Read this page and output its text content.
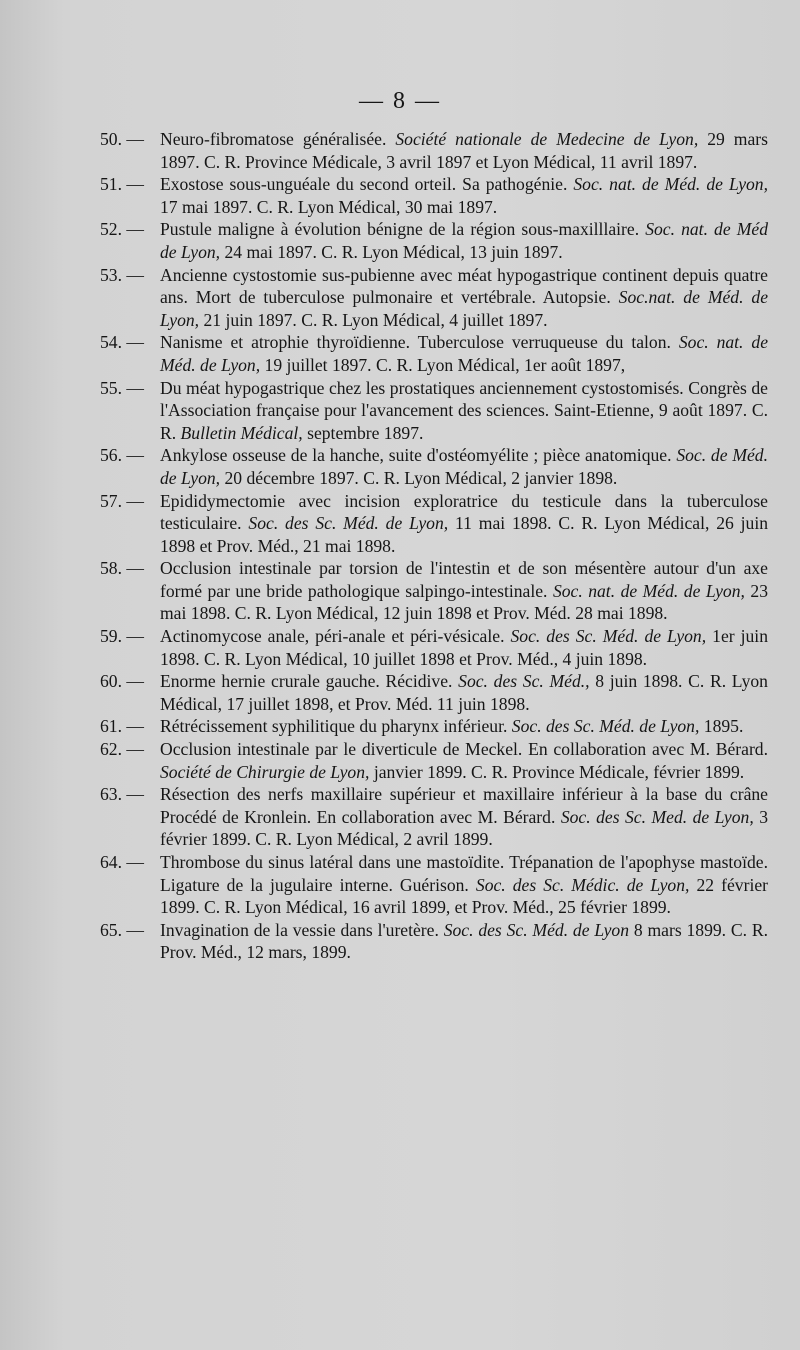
— 8 —
50. — Neuro-fibromatose généralisée. Société nationale de Medecine de Lyon, 29 mars 1897. C. R. Province Médicale, 3 avril 1897 et Lyon Médical, 11 avril 1897.
51. — Exostose sous-unguéale du second orteil. Sa pathogénie. Soc. nat. de Méd. de Lyon, 17 mai 1897. C. R. Lyon Médical, 30 mai 1897.
52. — Pustule maligne à évolution bénigne de la région sous-maxilllaire. Soc. nat. de Méd de Lyon, 24 mai 1897. C. R. Lyon Médical, 13 juin 1897.
53. — Ancienne cystostomie sus-pubienne avec méat hypogastrique continent depuis quatre ans. Mort de tuberculose pulmonaire et vertébrale. Autopsie. Soc.nat. de Méd. de Lyon, 21 juin 1897. C. R. Lyon Médical, 4 juillet 1897.
54. — Nanisme et atrophie thyroïdienne. Tuberculose verruqueuse du talon. Soc. nat. de Méd. de Lyon, 19 juillet 1897. C. R. Lyon Médical, 1er août 1897,
55. — Du méat hypogastrique chez les prostatiques anciennement cystostomisés. Congrès de l'Association française pour l'avancement des sciences. Saint-Etienne, 9 août 1897. C. R. Bulletin Médical, septembre 1897.
56. — Ankylose osseuse de la hanche, suite d'ostéomyélite ; pièce anatomique. Soc. de Méd. de Lyon, 20 décembre 1897. C. R. Lyon Médical, 2 janvier 1898.
57. — Epididymectomie avec incision exploratrice du testicule dans la tuberculose testiculaire. Soc. des Sc. Méd. de Lyon, 11 mai 1898. C. R. Lyon Médical, 26 juin 1898 et Prov. Méd., 21 mai 1898.
58. — Occlusion intestinale par torsion de l'intestin et de son mésentère autour d'un axe formé par une bride pathologique salpingo-intestinale. Soc. nat. de Méd. de Lyon, 23 mai 1898. C. R. Lyon Médical, 12 juin 1898 et Prov. Méd. 28 mai 1898.
59. — Actinomycose anale, péri-anale et péri-vésicale. Soc. des Sc. Méd. de Lyon, 1er juin 1898. C. R. Lyon Médical, 10 juillet 1898 et Prov. Méd., 4 juin 1898.
60. — Enorme hernie crurale gauche. Récidive. Soc. des Sc. Méd., 8 juin 1898. C. R. Lyon Médical, 17 juillet 1898, et Prov. Méd. 11 juin 1898.
61. — Rétrécissement syphilitique du pharynx inférieur. Soc. des Sc. Méd. de Lyon, 1895.
62. — Occlusion intestinale par le diverticule de Meckel. En collaboration avec M. Bérard. Société de Chirurgie de Lyon, janvier 1899. C. R. Province Médicale, février 1899.
63. — Résection des nerfs maxillaire supérieur et maxillaire inférieur à la base du crâne Procédé de Kronlein. En collaboration avec M. Bérard. Soc. des Sc. Med. de Lyon, 3 février 1899. C. R. Lyon Médical, 2 avril 1899.
64. — Thrombose du sinus latéral dans une mastoïdite. Trépanation de l'apophyse mastoïde. Ligature de la jugulaire interne. Guérison. Soc. des Sc. Médic. de Lyon, 22 février 1899. C. R. Lyon Médical, 16 avril 1899, et Prov. Méd., 25 février 1899.
65. — Invagination de la vessie dans l'uretère. Soc. des Sc. Méd. de Lyon 8 mars 1899. C. R. Prov. Méd., 12 mars, 1899.
